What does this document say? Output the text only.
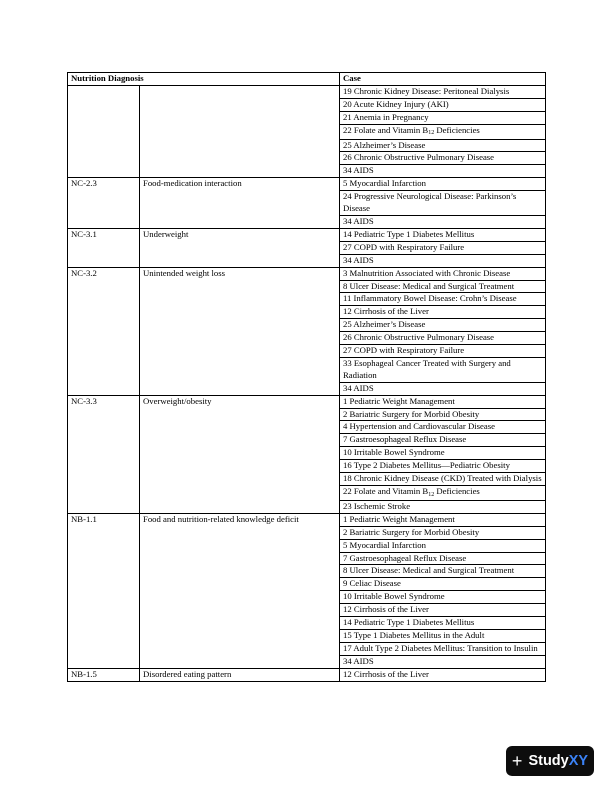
Nutrition Diagnosis		Case
		19 Chronic Kidney Disease: Peritoneal Dialysis
		20 Acute Kidney Injury (AKI)
		21 Anemia in Pregnancy
		22 Folate and Vitamin B12 Deficiencies
		25 Alzheimer’s Disease
		26 Chronic Obstructive Pulmonary Disease
		34 AIDS
NC-2.3	Food-medication interaction	5 Myocardial Infarction
		24 Progressive Neurological Disease: Parkinson’s Disease
		34 AIDS
NC-3.1	Underweight	14 Pediatric Type 1 Diabetes Mellitus
		27 COPD with Respiratory Failure
		34 AIDS
NC-3.2	Unintended weight loss	3 Malnutrition Associated with Chronic Disease
		8 Ulcer Disease: Medical and Surgical Treatment
		11 Inflammatory Bowel Disease: Crohn’s Disease
		12 Cirrhosis of the Liver
		25 Alzheimer’s Disease
		26 Chronic Obstructive Pulmonary Disease
		27 COPD with Respiratory Failure
		33 Esophageal Cancer Treated with Surgery and Radiation
		34 AIDS
NC-3.3	Overweight/obesity	1 Pediatric Weight Management
		2 Bariatric Surgery for Morbid Obesity
		4 Hypertension and Cardiovascular Disease
		7 Gastroesophageal Reflux Disease
		10 Irritable Bowel Syndrome
		16 Type 2 Diabetes Mellitus—Pediatric Obesity
		18 Chronic Kidney Disease (CKD) Treated with Dialysis
		22 Folate and Vitamin B12 Deficiencies
		23 Ischemic Stroke
NB-1.1	Food and nutrition-related knowledge deficit	1 Pediatric Weight Management
		2 Bariatric Surgery for Morbid Obesity
		5 Myocardial Infarction
		7 Gastroesophageal Reflux Disease
		8 Ulcer Disease: Medical and Surgical Treatment
		9 Celiac Disease
		10 Irritable Bowel Syndrome
		12 Cirrhosis of the Liver
		14 Pediatric Type 1 Diabetes Mellitus
		15 Type 1 Diabetes Mellitus in the Adult
		17 Adult Type 2 Diabetes Mellitus: Transition to Insulin
		34 AIDS
NB-1.5	Disordered eating pattern	12 Cirrhosis of the Liver
+ Study XY
